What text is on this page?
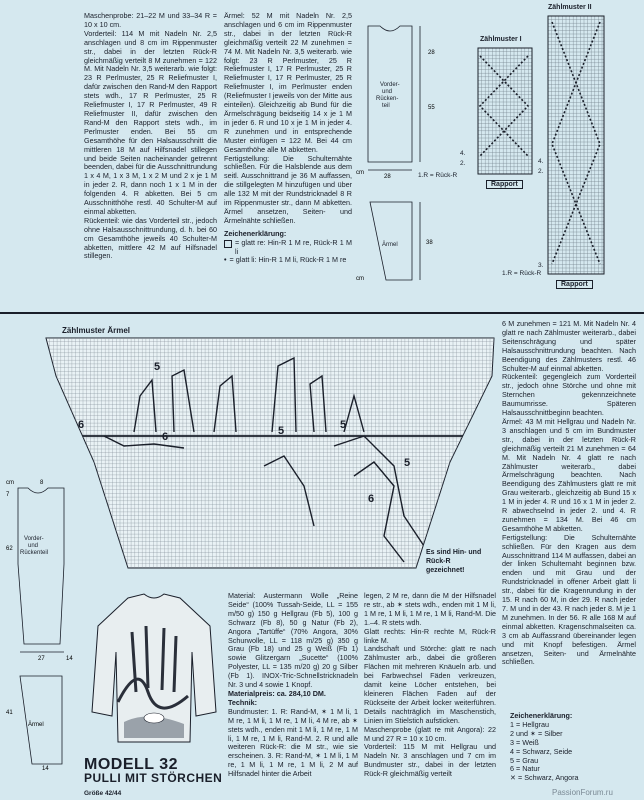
Maschenprobe: 21–22 M und 33–34 R = 10 x 10 cm.
Vorderteil: 114 M mit Nadeln Nr. 2,5 anschlagen und 8 cm im Rippenmuster str., dabei in der letzten Rück-R gleichmäßig verteilt 8 M zunehmen = 122 M. Mit Nadeln Nr. 3,5 weiterarb. wie folgt: 23 R Perlmuster, 25 R Reliefmuster I, dafür zwischen den Rand-M den Rapport stets wdh., 17 R Perlmuster, 25 R Reliefmuster I, 17 R Perlmuster, 49 R Reliefmuster II, dafür zwischen den Rand-M den Rapport stets wdh., im Perlmuster enden. Bei 55 cm Gesamthöhe für den Halsausschnitt die mittleren 18 M auf Hilfsnadel stillegen und beide Seiten nacheinander getrennt beenden, dabei für die Ausschnittrundung 1 x 4 M, 1 x 3 M, 1 x 2 M und 2 x je 1 M in jeder 2. R, dann noch 1 x 1 M in der folgenden 4. R abketten. Bei 5 cm Ausschnitthöhe restl. 40 Schulter-M auf einmal abketten.
Rückenteil: wie das Vorderteil str., jedoch ohne Halsausschnittrundung, d. h. bei 60 cm Gesamthöhe jeweils 40 Schulter-M abketten, mittlere 42 M auf Hilfsnadel stillegen.
Ärmel: 52 M mit Nadeln Nr. 2,5 anschlagen und 6 cm im Rippenmuster str., dabei in der letzten Rück-R gleichmäßig verteilt 22 M zunehmen = 74 M. Mit Nadeln Nr. 3,5 weiterarb. wie folgt: 23 R Perlmuster, 25 R Reliefmuster I, 17 R Perlmuster, 25 R Reliefmuster I, 17 R Perlmuster, 25 R Reliefmuster I, im Perlmuster enden (Reliefmuster I jeweils von der Mitte aus einteilen). Gleichzeitig ab Bund für die Ärmelschrägung beidseitig 14 x je 1 M in jeder 6. R und 10 x je 1 M in jeder 4. R zunehmen und in entsprechende Muster einfügen = 122 M. Bei 44 cm Gesamthöhe alle M abketten.
Fertigstellung: Die Schulternähte schließen. Für die Halsblende aus dem seitl. Ausschnittrand je 36 M auffassen, die stillgelegten M hinzufügen und über alle 132 M mit der Rundstricknadel 8 R im Rippenmuster str., dann M abketten. Ärmel ansetzen, Seiten- und Ärmelnähte schließen.
Zeichenerklärung:
= glatt re: Hin-R 1 M re, Rück-R 1 M li
• = glatt li: Hin-R 1 M li, Rück-R 1 M re
Vorder-und Rücken-teil
Ärmel
28
55
28
cm
38
cm
Zählmuster I
Rapport
4.
2.
1.R = Rück-R
Zählmuster II
Rapport
4.
2.
3.
1.R = Rück-R
Zählmuster Ärmel
5
6
6	5	5
5
6
Es sind Hin- und Rück-R gezeichnet!
Vorder-und Rückenteil
Ärmel
cm
7
8
62
27	14
41
14 MODELL 32
PULLI MIT STÖRCHEN
Größe 42/44
Material: Austermann Wolle „Reine Seide“ (100% Tussah-Seide, LL = 155 m/50 g) 150 g Hellgrau (Fb 5), 100 g Schwarz (Fb 8), 50 g Natur (Fb 2), Angora „Tartüffe“ (70% Angora, 30% Schurwolle, LL = 118 m/25 g) 350 g Grau (Fb 18) und 25 g Weiß (Fb 1) sowie Glitzergarn „Sucette“ (100% Polyester, LL = 135 m/20 g) 20 g Silber (Fb 1). INOX-Tric-Schnellstricknadeln Nr. 3 und 4 sowie 1 Knopf.
Materialpreis: ca. 284,10 DM.
Technik:
Bundmuster: 1. R: Rand-M, ✶ 1 M li, 1 M re, 1 M li, 1 M re, 1 M li, 4 M re, ab ✶ stets wdh., enden mit 1 M li, 1 M re, 1 M li, 1 M re, 1 M li, Rand-M. 2. R und alle weiteren Rück-R: die M str., wie sie erscheinen. 3. R: Rand-M, ✶ 1 M li, 1 M re, 1 M li, 1 M re, 1 M li, 2 M auf Hilfsnadel hinter die Arbeit
legen, 2 M re, dann die M der Hilfsnadel re str., ab ✶ stets wdh., enden mit 1 M li, 1 M re, 1 M li, 1 M re, 1 M li, Rand-M. Die 1.–4. R stets wdh.
Glatt rechts: Hin-R rechte M, Rück-R linke M.
Landschaft und Störche: glatt re nach Zählmuster arb., dabei die größeren Flächen mit mehreren Knäueln arb. und bei Farbwechsel Fäden verkreuzen, damit keine Löcher entstehen, bei kleineren Flächen Faden auf der Rückseite der Arbeit locker weiterführen. Details nachträglich im Maschenstich, Linien im Stielstich aufsticken.
Maschenprobe (glatt re mit Angora): 22 M und 27 R = 10 x 10 cm.
Vorderteil: 115 M mit Hellgrau und Nadeln Nr. 3 anschlagen und 7 cm im Bundmuster str., dabei in der letzten Rück-R gleichmäßig verteilt
6 M zunehmen = 121 M. Mit Nadeln Nr. 4 glatt re nach Zählmuster weiterarb., dabei Seitenschrägung und später Halsausschnittrundung beachten. Nach Beendigung des Zählmusters restl. 46 Schulter-M auf einmal abketten.
Rückenteil: gegengleich zum Vorderteil str., jedoch ohne Störche und ohne mit Sternchen gekennzeichnete Baumumrisse. Späteren Halsausschnittbeginn beachten.
Ärmel: 43 M mit Hellgrau und Nadeln Nr. 3 anschlagen und 5 cm im Bundmuster str., dabei in der letzten Rück-R gleichmäßig verteilt 21 M zunehmen = 64 M. Mit Nadeln Nr. 4 glatt re nach Zählmuster weiterarb., dabei Ärmelschrägung beachten. Nach Beendigung des Zählmusters glatt re mit Grau weiterarb., gleichzeitig ab Bund 15 x 1 M in jeder 4. R und 16 x 1 M in jeder 2. R abwechselnd in jeder 2. und 4. R zunehmen = 134 M. Bei 46 cm Gesamthöhe M abketten.
Fertigstellung: Die Schulternähte schließen. Für den Kragen aus dem Ausschnittrand 114 M auffassen, dabei an der linken Schulternaht beginnen bzw. enden und mit Grau und der Rundstricknadel in offener Arbeit glatt li str., dabei für die Kragenrundung in der 15. R nach 60 M, in der 29. R nach jeder 7. M und in der 43. R nach jeder 8. M je 1 M zunehmen. In der 56. R alle 168 M auf einmal abketten. Kragenschmalseiten ca. 3 cm ab Auffassrand übereinander legen und mit Knopf befestigen. Ärmel ansetzen, Seiten- und Ärmelnähte schließen.
Zeichenerklärung:
1 = Hellgrau
2 und ✶ = Silber
3 = Weiß
4 = Schwarz, Seide
5 = Grau
6 = Natur
✕ = Schwarz, Angora
PassionForum.ru
